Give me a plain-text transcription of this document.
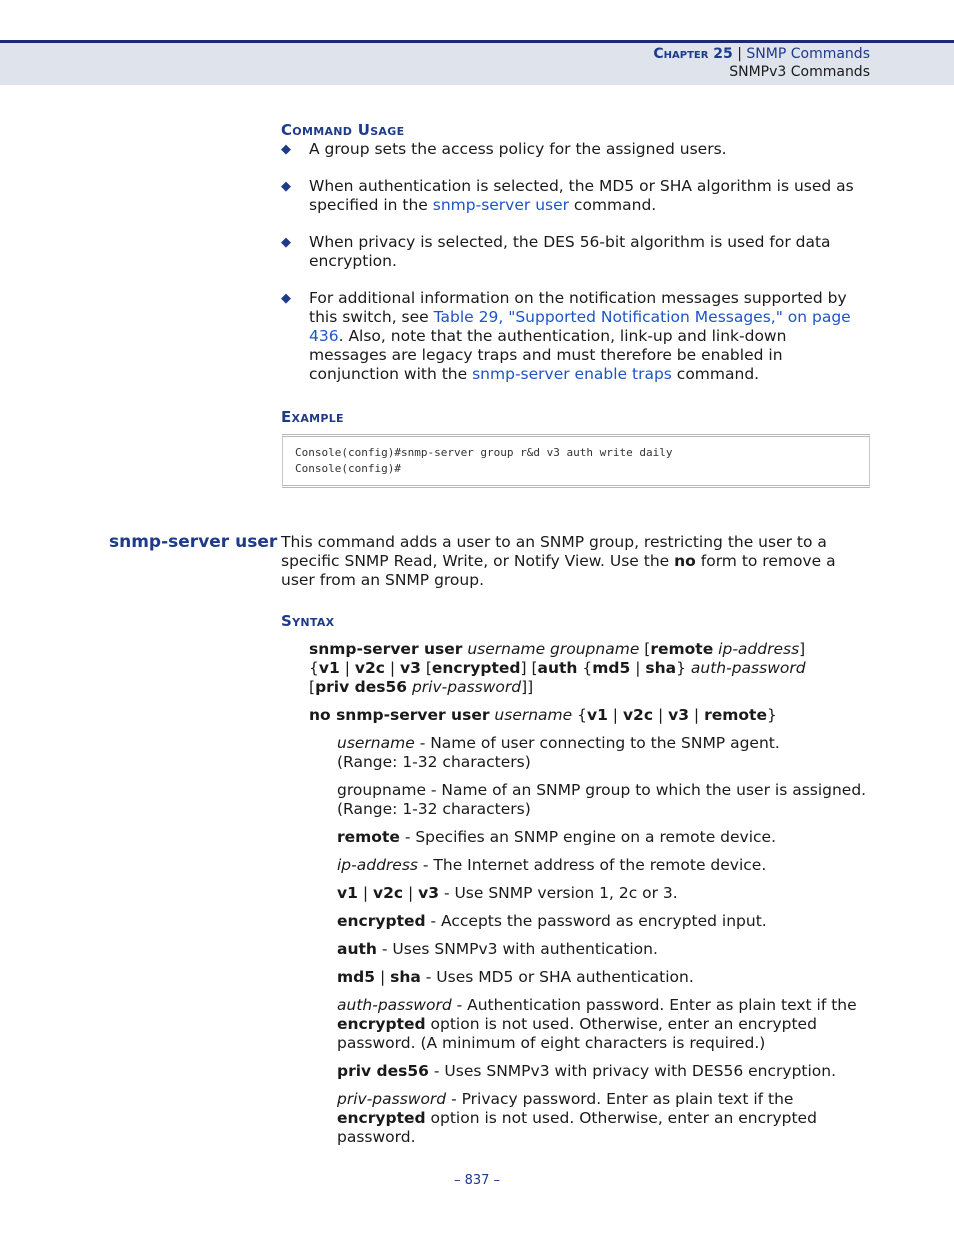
Chapter 25 | SNMP Commands
SNMPv3 Commands
Command Usage
◆ A group sets the access policy for the assigned users.
◆ When authentication is selected, the MD5 or SHA algorithm is used as specified in the snmp-server user command.
◆ When privacy is selected, the DES 56-bit algorithm is used for data encryption.
◆ For additional information on the notification messages supported by this switch, see Table 29, "Supported Notification Messages," on page 436. Also, note that the authentication, link-up and link-down messages are legacy traps and must therefore be enabled in conjunction with the snmp-server enable traps command.
Example
Console(config)#snmp-server group r&d v3 auth write daily
Console(config)#
snmp-server user This command adds a user to an SNMP group, restricting the user to a specific SNMP Read, Write, or Notify View. Use the no form to remove a user from an SNMP group.
Syntax
snmp-server user username groupname [remote ip-address]
{v1 | v2c | v3 [encrypted] [auth {md5 | sha} auth-password
[priv des56 priv-password]]
no snmp-server user username {v1 | v2c | v3 | remote}
username - Name of user connecting to the SNMP agent.
(Range: 1-32 characters)
groupname - Name of an SNMP group to which the user is assigned.
(Range: 1-32 characters)
remote - Specifies an SNMP engine on a remote device.
ip-address - The Internet address of the remote device.
v1 | v2c | v3 - Use SNMP version 1, 2c or 3.
encrypted - Accepts the password as encrypted input.
auth - Uses SNMPv3 with authentication.
md5 | sha - Uses MD5 or SHA authentication.
auth-password - Authentication password. Enter as plain text if the encrypted option is not used. Otherwise, enter an encrypted password. (A minimum of eight characters is required.)
priv des56 - Uses SNMPv3 with privacy with DES56 encryption.
priv-password - Privacy password. Enter as plain text if the encrypted option is not used. Otherwise, enter an encrypted password.
– 837 –
